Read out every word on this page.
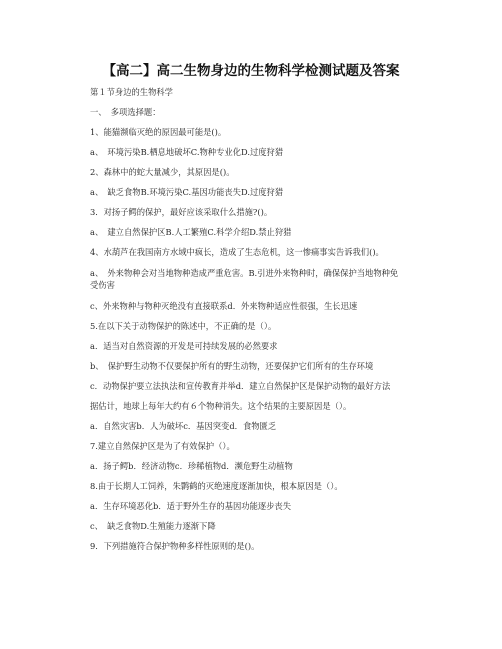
【高二】高二生物身边的生物科学检测试题及答案
第１节身边的生物科学
一、　多项选择题：
1、能猫濒临灭绝的原因最可能是()。
a、　环境污染B.栖息地破坏C.物种专业化D.过度狩猎
2、森林中的蛇大量减少，其原因是()。
a、　缺乏食物B.环境污染C.基因功能丧失D.过度狩猎
3．对扬子鳄的保护，最好应该采取什么措施?()。
a、　建立自然保护区B.人工繁殖C.科学介绍D.禁止狩猎
4、水葫芦在我国南方水域中疯长，造成了生态危机，这一惨痛事实告诉我们()。
a、　外来物种会对当地物种造成严重危害。B.引进外来物种时，确保保护当地物种免受伤害
c、外来物种与物种灭绝没有直接联系d．外来物种适应性很强，生长迅速
5.在以下关于动物保护的陈述中，不正确的是（）。
a．适当对自然资源的开发是可持续发展的必然要求
b、　保护野生动物不仅要保护所有的野生动物，还要保护它们所有的生存环境
c．动物保护要立法执法和宣传教育并举d．建立自然保护区是保护动物的最好方法
据估计，地球上每年大约有６个物种消失。这个结果的主要原因是（）。
a．自然灾害b．人为破坏c．基因突变d．食物匮乏
7.建立自然保护区是为了有效保护（）。
a．扬子鳄b．经济动物c．珍稀植物d．濒危野生动植物
8.由于长期人工饲养，朱鹮鹤的灭绝速度逐渐加快，根本原因是（）。
a．生存环境恶化b．适于野外生存的基因功能逐步丧失
c、　缺乏食物D.生殖能力逐渐下降
9．下列措施符合保护物种多样性原则的是()。
